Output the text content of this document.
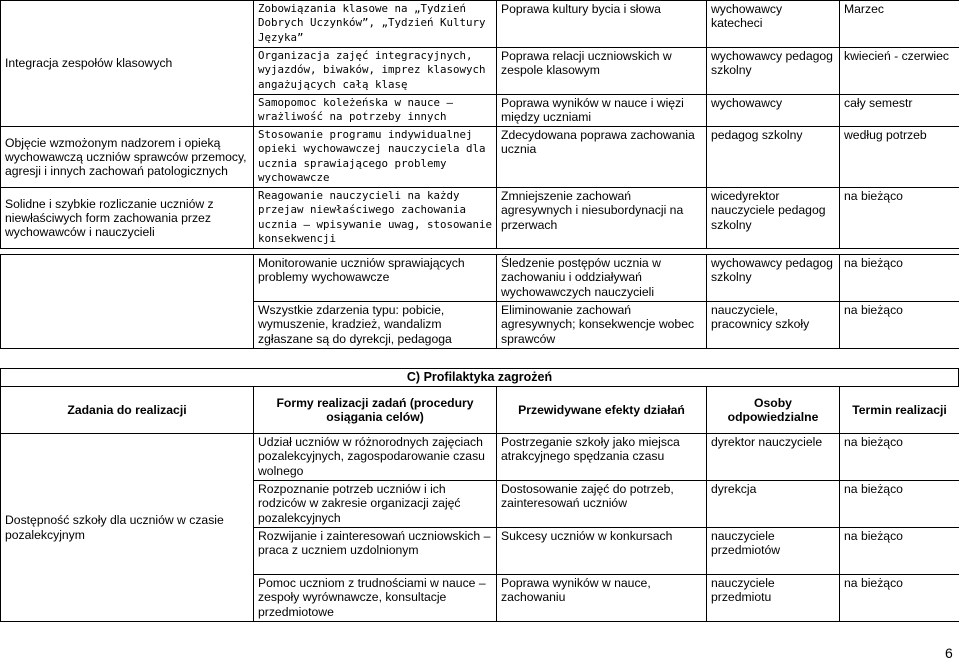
Integracja zespołów klasowych	Zobowiązania klasowe na „Tydzień Dobrych Uczynków”, „Tydzień Kultury Języka”	Poprawa kultury bycia i słowa	wychowawcy katecheci	Marzec
	Organizacja zajęć integracyjnych, wyjazdów, biwaków, imprez klasowych angażujących całą klasę	Poprawa relacji uczniowskich w zespole klasowym	wychowawcy pedagog szkolny	kwiecień - czerwiec
	Samopomoc koleżeńska w nauce – wrażliwość na potrzeby innych	Poprawa wyników w nauce i więzi między uczniami	wychowawcy	cały semestr
Objęcie wzmożonym nadzorem i opieką wychowawczą uczniów sprawców przemocy, agresji i innych zachowań patologicznych	Stosowanie programu indywidualnej opieki wychowawczej nauczyciela dla ucznia sprawiającego problemy wychowawcze	Zdecydowana poprawa zachowania ucznia	pedagog szkolny	według potrzeb
Solidne i szybkie rozliczanie uczniów z niewłaściwych form zachowania przez wychowawców i nauczycieli	Reagowanie nauczycieli na każdy przejaw niewłaściwego zachowania ucznia – wpisywanie uwag, stosowanie konsekwencji	Zmniejszenie zachowań agresywnych i niesubordynacji na przerwach	wicedyrektor nauczyciele pedagog szkolny	na bieżąco
	Monitorowanie uczniów sprawiających problemy wychowawcze	Śledzenie postępów ucznia w zachowaniu i oddziaływań wychowawczych nauczycieli	wychowawcy pedagog szkolny	na bieżąco
	Wszystkie zdarzenia typu: pobicie, wymuszenie, kradzież, wandalizm zgłaszane są do dyrekcji, pedagoga	Eliminowanie zachowań agresywnych; konsekwencje wobec sprawców	nauczyciele, pracownicy szkoły	na bieżąco
C) Profilaktyka zagrożeń
Zadania do realizacji	Formy realizacji zadań (procedury osiągania celów)	Przewidywane efekty działań	Osoby odpowiedzialne	Termin realizacji
Dostępność szkoły dla uczniów w czasie pozalekcyjnym	Udział uczniów w różnorodnych zajęciach pozalekcyjnych, zagospodarowanie czasu wolnego	Postrzeganie szkoły jako miejsca atrakcyjnego spędzania czasu	dyrektor nauczyciele	na bieżąco
	Rozpoznanie potrzeb uczniów i ich rodziców w zakresie organizacji zajęć pozalekcyjnych	Dostosowanie zajęć do potrzeb, zainteresowań uczniów	dyrekcja	na bieżąco
	Rozwijanie i zainteresowań uczniowskich – praca z uczniem uzdolnionym	Sukcesy uczniów w konkursach	nauczyciele przedmiotów	na bieżąco
	Pomoc uczniom z trudnościami w nauce – zespoły wyrównawcze, konsultacje przedmiotowe	Poprawa wyników w nauce, zachowaniu	nauczyciele przedmiotu	na bieżąco
6
